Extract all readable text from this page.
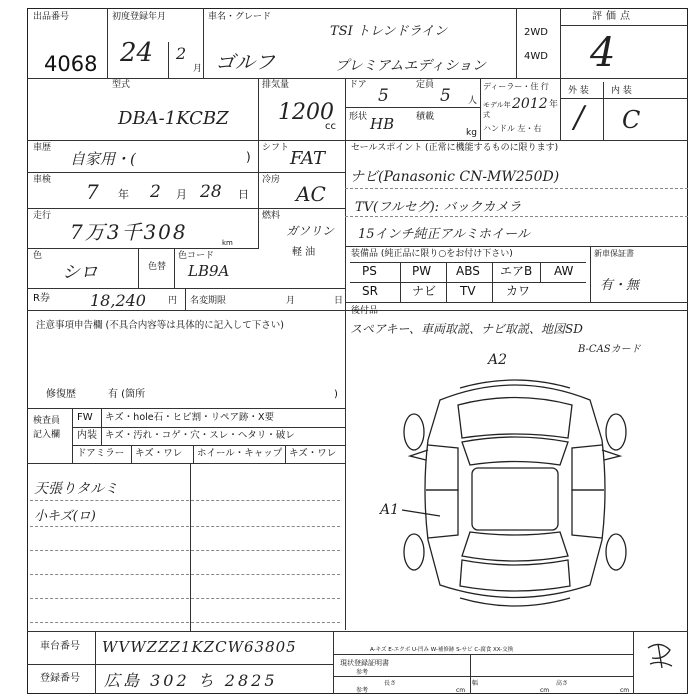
出品番号
4068
初度登録年月
24 2
月
車名・グレード
TSI トレンドライン
ゴルフ	プレミアムエディション
2WD
4WD
評価点
4
型式
DBA-1KCBZ
排気量
1200
cc
ドア
5
定員
5 人
形状 HB 積載
kg
ディーラー・住 行
モデル年式
2012 年
ハンドル 左・右
外 装 内 装
/ C
車歴
自家用・(	)
シフト FAT
車検 7 年 2 月 28 日
冷房
AC
走行
7万3千308	km
燃料
ガソリン
軽 油
色
シロ	色替
色コード
LB9A
R券	18,240 円 名変期限	月	日
セールスポイント (正常に機能するものに限ります)
ナビ(Panasonic CN-MW250D)
TV(フルセグ): バックカメラ
15インチ純正アルミホイール
装備品 (純正品に限り○をお付け下さい)	新車保証書
有・無
PS	PW ABS エアB AW
SR	ナビ TV	カワ
後付品
スペアキー、車両取説、ナビ取説、地図SD
B-CASカード
注意事項申告欄 (不具合内容等は具体的に記入して下さい)
修復歴	有 (箇所	)
検査員
記入欄
FW キズ・hole石・ヒビ割・リペア跡・X要
内装 キズ・汚れ・コゲ・穴・スレ・ヘタリ・破レ
ドアミラー キズ・ワレ ホイール・キャップ キズ・ワレ
天張りタルミ
小キズ(ロ)
A2
A1
車台番号 WVWZZZ1KZCW63805
登録番号 広島 302 ち 2825
A-キズ E-エクボ U-凹み W-補修跡 S-サビ C-腐食 XX-交換
現状登録証明書
参考
参考
長さ
cm
幅
cm
高さ
cm
